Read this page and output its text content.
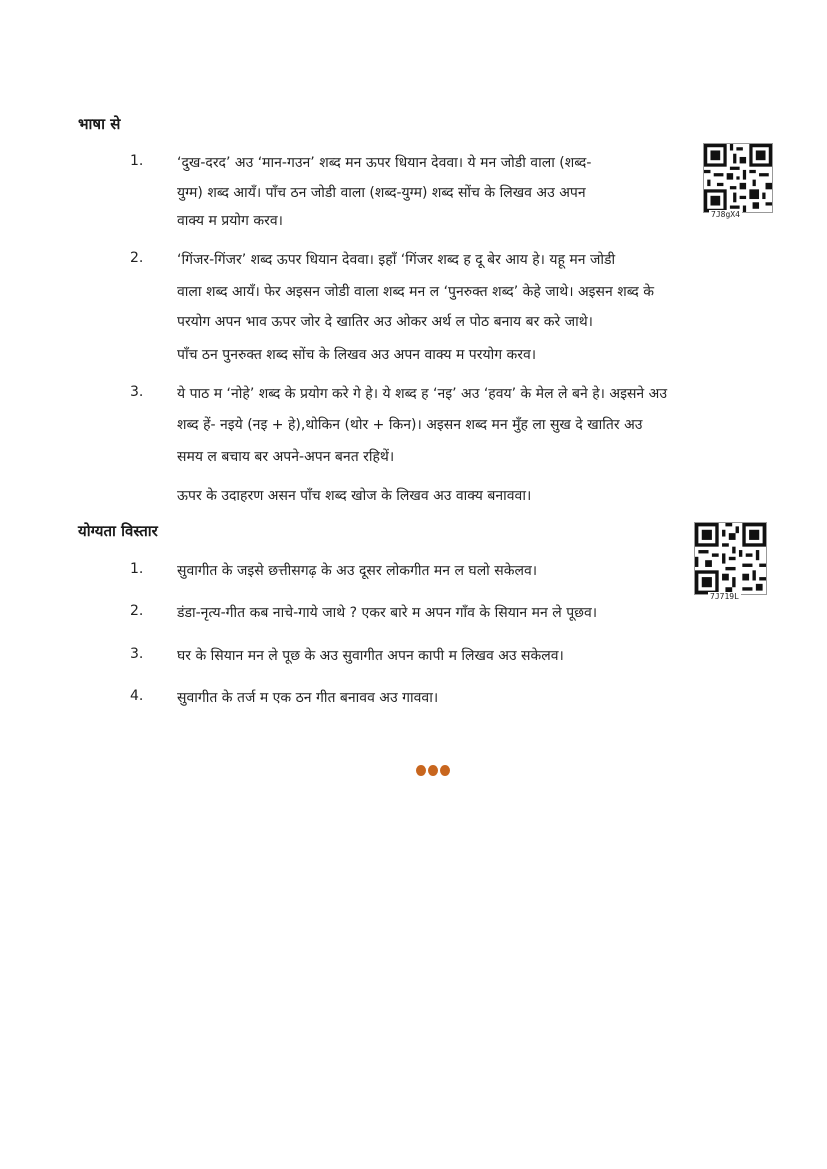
भाषा से
7J8gX4
1. ‘दुख-दरद’ अउ ‘मान-गउन’ शब्द मन ऊपर धियान देववा। ये मन जोडी वाला (शब्द-
युग्म) शब्द आयँ। पाँच ठन जोडी वाला (शब्द-युग्म) शब्द सोंच के लिखव अउ अपन
वाक्य म प्रयोग करव।
2. ‘गिंजर-गिंजर’ शब्द ऊपर धियान देववा। इहाँ ‘गिंजर शब्द ह दू बेर आय हे। यहू मन जोडी
वाला शब्द आयँ। फेर अइसन जोडी वाला शब्द मन ल ‘पुनरुक्त शब्द’ केहे जाथे। अइसन शब्द के
परयोग अपन भाव ऊपर जोर दे खातिर अउ ओकर अर्थ ल पोठ बनाय बर करे जाथे।
पाँच ठन पुनरुक्त शब्द सोंच के लिखव अउ अपन वाक्य म परयोग करव।
3. ये पाठ म ‘नोहे’ शब्द के प्रयोग करे गे हे। ये शब्द ह ‘नइ’ अउ ‘हवय’ के मेल ले बने हे। अइसने अउ
शब्द हें- नइये (नइ + हे),थोकिन (थोर + किन)। अइसन शब्द मन मुँह ला सुख दे खातिर अउ
समय ल बचाय बर अपने-अपन बनत रहिथें।
ऊपर के उदाहरण असन पाँच शब्द खोज के लिखव अउ वाक्य बनाववा।
योग्यता विस्तार
7J719L
1. सुवागीत के जइसे छत्तीसगढ़ के अउ दूसर लोकगीत मन ल घलो सकेलव।
2. डंडा-नृत्य-गीत कब नाचे-गाये जाथे ? एकर बारे म अपन गाँव के सियान मन ले पूछव।
3. घर के सियान मन ले पूछ के अउ सुवागीत अपन कापी म लिखव अउ सकेलव।
4. सुवागीत के तर्ज म एक ठन गीत बनावव अउ गाववा।
